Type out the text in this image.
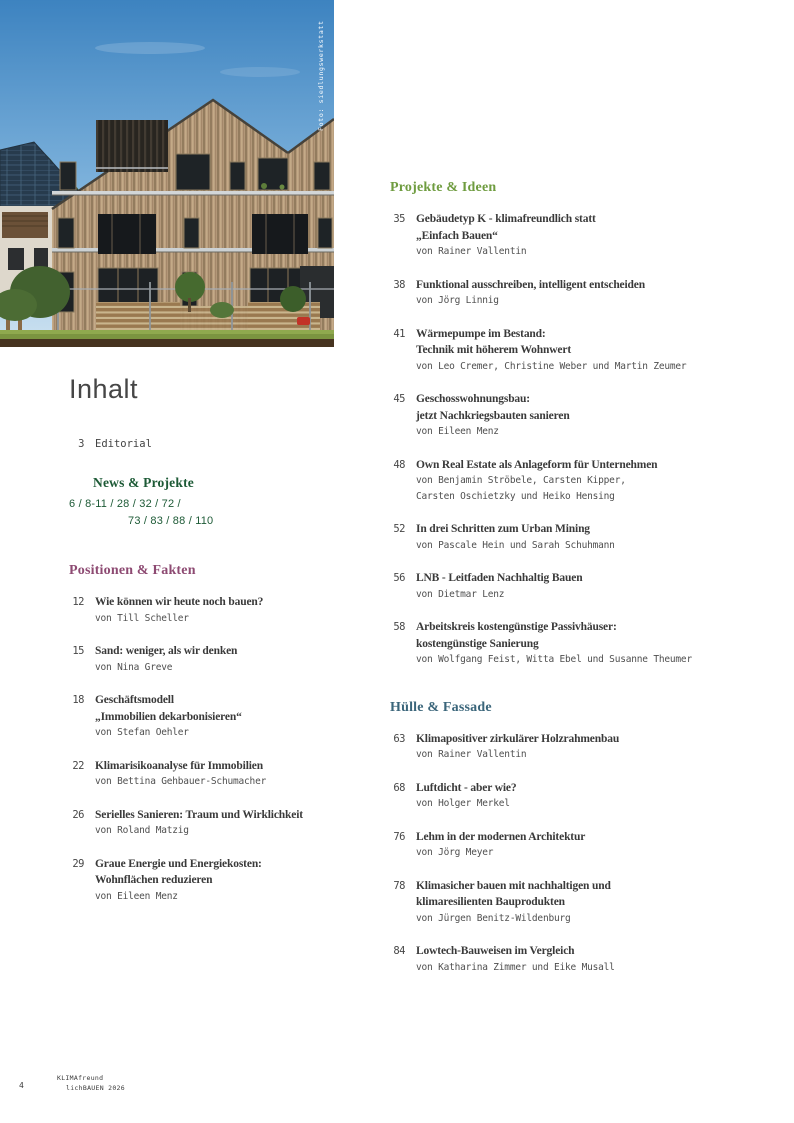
Foto: siedlungswerkstatt
Inhalt
3 Editorial
News & Projekte
6 / 8-11 / 28 / 32 / 72 /
73 / 83 / 88 / 110
Positionen & Fakten
12 Wie können wir heute noch bauen?
von Till Scheller
15 Sand: weniger, als wir denken
von Nina Greve
18 Geschäftsmodell
„Immobilien dekarbonisieren“
von Stefan Oehler
22 Klimarisikoanalyse für Immobilien
von Bettina Gehbauer-Schumacher
26 Serielles Sanieren: Traum und Wirklichkeit
von Roland Matzig
29 Graue Energie und Energiekosten:
Wohnflächen reduzieren
von Eileen Menz
Projekte & Ideen
35 Gebäudetyp K - klimafreundlich statt
„Einfach Bauen“
von Rainer Vallentin
38 Funktional ausschreiben, intelligent entscheiden
von Jörg Linnig
41 Wärmepumpe im Bestand:
Technik mit höherem Wohnwert
von Leo Cremer, Christine Weber und Martin Zeumer
45 Geschosswohnungsbau:
jetzt Nachkriegsbauten sanieren
von Eileen Menz
48 Own Real Estate als Anlageform für Unternehmen
von Benjamin Ströbele, Carsten Kipper,
Carsten Oschietzky und Heiko Hensing
52 In drei Schritten zum Urban Mining
von Pascale Hein und Sarah Schuhmann
56 LNB - Leitfaden Nachhaltig Bauen
von Dietmar Lenz
58 Arbeitskreis kostengünstige Passivhäuser:
kostengünstige Sanierung
von Wolfgang Feist, Witta Ebel und Susanne Theumer
Hülle & Fassade
63 Klimapositiver zirkulärer Holzrahmenbau
von Rainer Vallentin
68 Luftdicht - aber wie?
von Holger Merkel
76 Lehm in der modernen Architektur
von Jörg Meyer
78 Klimasicher bauen mit nachhaltigen und
klimaresilienten Bauprodukten
von Jürgen Benitz-Wildenburg
84 Lowtech-Bauweisen im Vergleich
von Katharina Zimmer und Eike Musall
4
KLIMAfreund
lichBAUEN 2026
